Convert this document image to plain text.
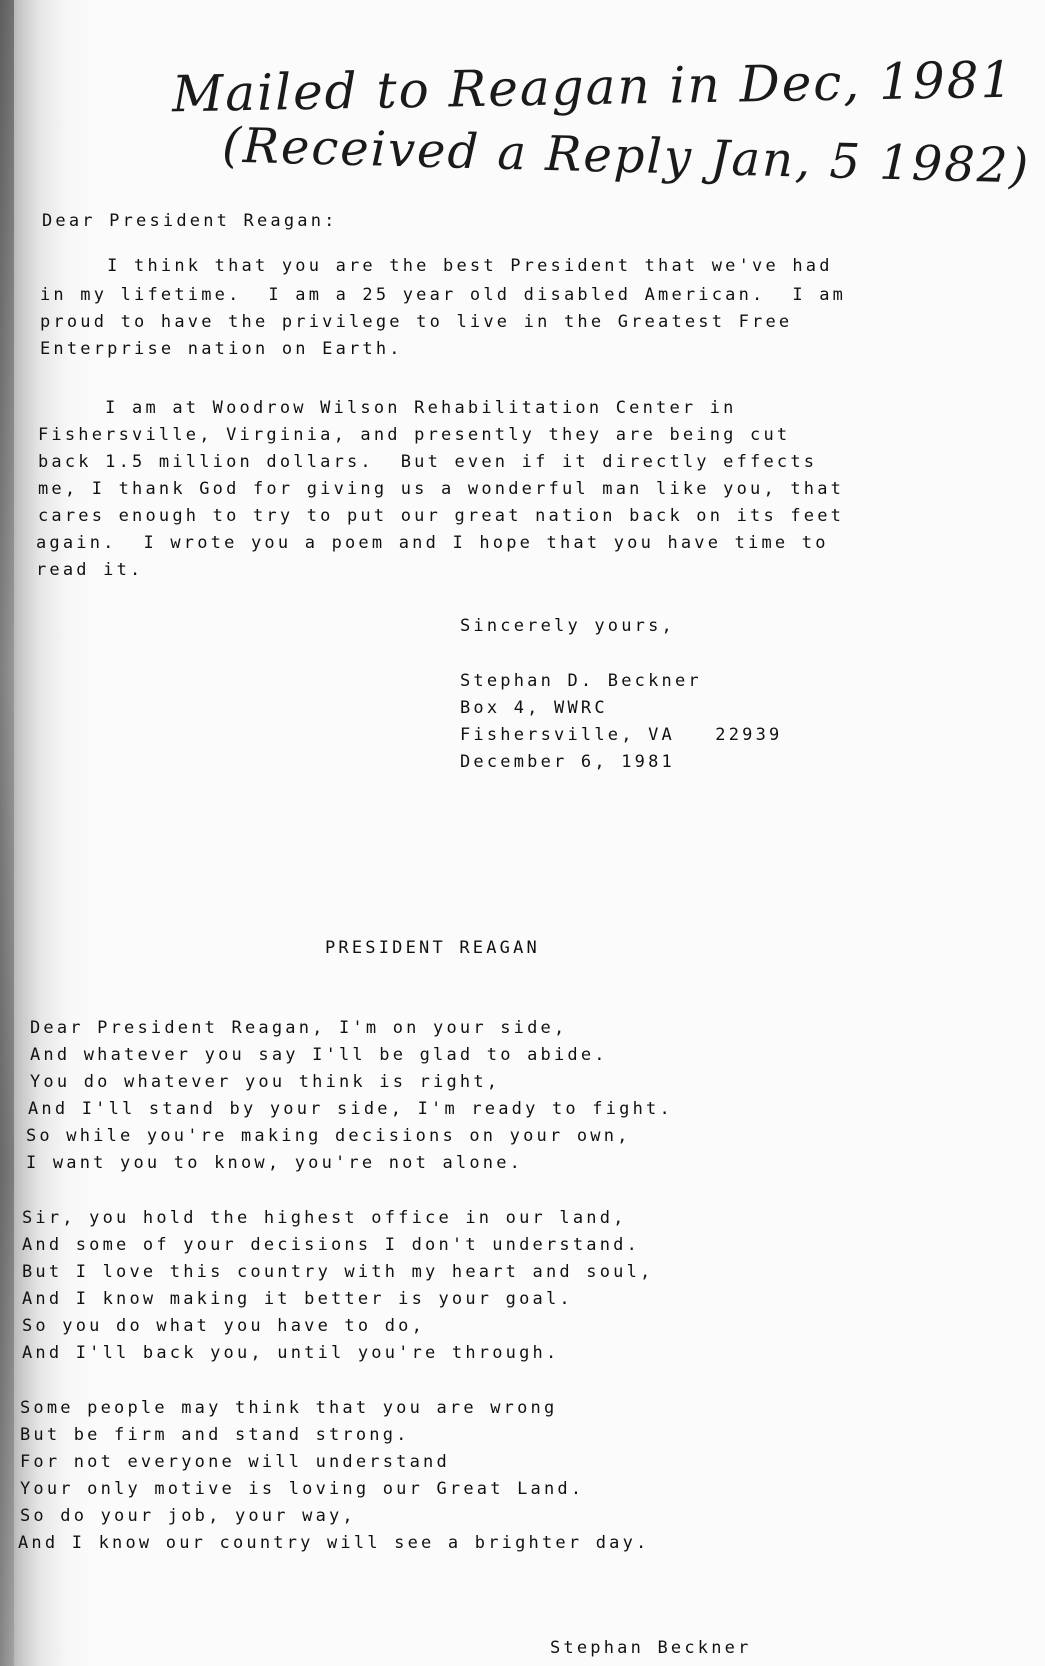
Mailed to Reagan in Dec, 1981
(Received a Reply Jan, 5 1982)
Dear President Reagan:
I think that you are the best President that we've had
in my lifetime.  I am a 25 year old disabled American.  I am
proud to have the privilege to live in the Greatest Free
Enterprise nation on Earth.
I am at Woodrow Wilson Rehabilitation Center in
Fishersville, Virginia, and presently they are being cut
back 1.5 million dollars.  But even if it directly effects
me, I thank God for giving us a wonderful man like you, that
cares enough to try to put our great nation back on its feet
again.  I wrote you a poem and I hope that you have time to
read it.
Sincerely yours,
Stephan D. Beckner
Box 4, WWRC
Fishersville, VA   22939
December 6, 1981
PRESIDENT REAGAN
Dear President Reagan, I'm on your side,
And whatever you say I'll be glad to abide.
You do whatever you think is right,
And I'll stand by your side, I'm ready to fight.
So while you're making decisions on your own,
I want you to know, you're not alone.
Sir, you hold the highest office in our land,
And some of your decisions I don't understand.
But I love this country with my heart and soul,
And I know making it better is your goal.
So you do what you have to do,
And I'll back you, until you're through.
Some people may think that you are wrong
But be firm and stand strong.
For not everyone will understand
Your only motive is loving our Great Land.
So do your job, your way,
And I know our country will see a brighter day.
Stephan Beckner
